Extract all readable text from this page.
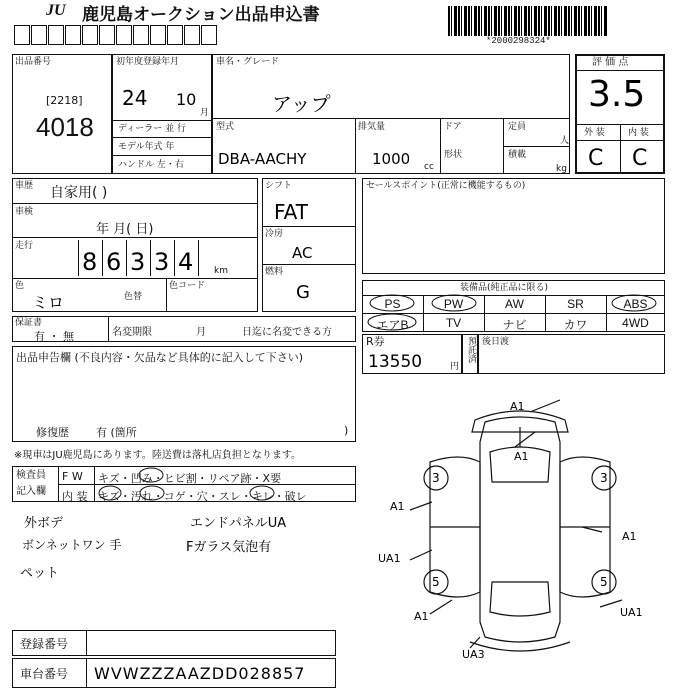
JU 鹿児島オークション出品申込書
*2000298324*
出品番号
[2218]
4018
初年度登録年月
24 10
月
ディーラー 並 行
モデル年式 年
ハンドル 左・右
車名・グレード
アップ
型式
DBA-AACHY
排気量
1000 cc
ドア
形状
定員
人
積載
kg
評 価 点
3.5
外 装	内 装
C C
車歴 自家用( )
車検
年 月( 日)
走行
8 6 3 3 4 km
色
ミロ	色替
色コード
シフト
FAT
冷房
AC
燃料
G
セールスポイント(正常に機能するもの)
装備品(純正品に限る)
PS	PW	AW	SR	ABS
エアB	TV	ナビ	カワ	4WD
保証書
有 ・ 無	名変期限	月	日迄に名変できる方
R券
13550	円
預託済 後日渡
出品申告欄 (不良内容・欠品など具体的に記入して下さい)
修復歴 有 (箇所	)
※現車はJU鹿児島にあります。陸送費は落札店負担となります。
検査員
記入欄
F W キズ・凹み・ヒビ割・リペア跡・X要
内 装 キズ・汚れ・コゲ・穴・スレ・キレ・破レ
外ボデ	エンドパネルUA
ボンネットワン 手	Fガラス気泡有
ペット
A1
A1
A1
A1
UA1
A1	UA1
UA3
3	3
5	5
登録番号
車台番号 WVWZZZAAZDD028857
